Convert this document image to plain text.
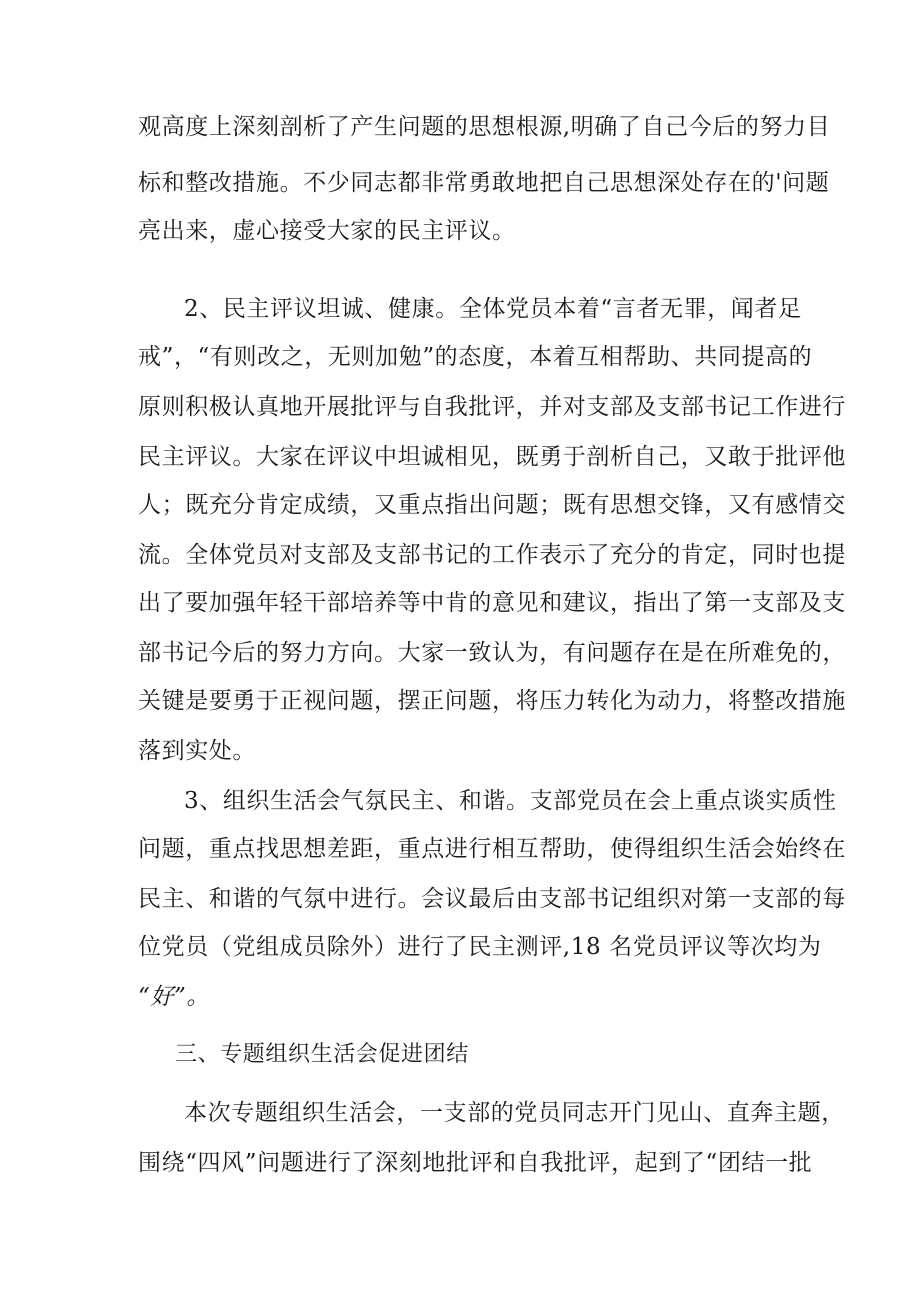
观高度上深刻剖析了产生问题的思想根源,明确了自己今后的努力目
标和整改措施。不少同志都非常勇敢地把自己思想深处存在的'问题
亮出来，虚心接受大家的民主评议。
2、民主评议坦诚、健康。全体党员本着“言者无罪，闻者足
戒”，“有则改之，无则加勉”的态度，本着互相帮助、共同提高的
原则积极认真地开展批评与自我批评，并对支部及支部书记工作进行
民主评议。大家在评议中坦诚相见，既勇于剖析自己，又敢于批评他
人；既充分肯定成绩，又重点指出问题；既有思想交锋，又有感情交
流。全体党员对支部及支部书记的工作表示了充分的肯定，同时也提
出了要加强年轻干部培养等中肯的意见和建议，指出了第一支部及支
部书记今后的努力方向。大家一致认为，有问题存在是在所难免的，
关键是要勇于正视问题，摆正问题，将压力转化为动力，将整改措施
落到实处。
3、组织生活会气氛民主、和谐。支部党员在会上重点谈实质性
问题，重点找思想差距，重点进行相互帮助，使得组织生活会始终在
民主、和谐的气氛中进行。会议最后由支部书记组织对第一支部的每
位党员（党组成员除外）进行了民主测评,18 名党员评议等次均为
“好”。
三、专题组织生活会促进团结
本次专题组织生活会，一支部的党员同志开门见山、直奔主题，
围绕“四风”问题进行了深刻地批评和自我批评，起到了“团结一批
